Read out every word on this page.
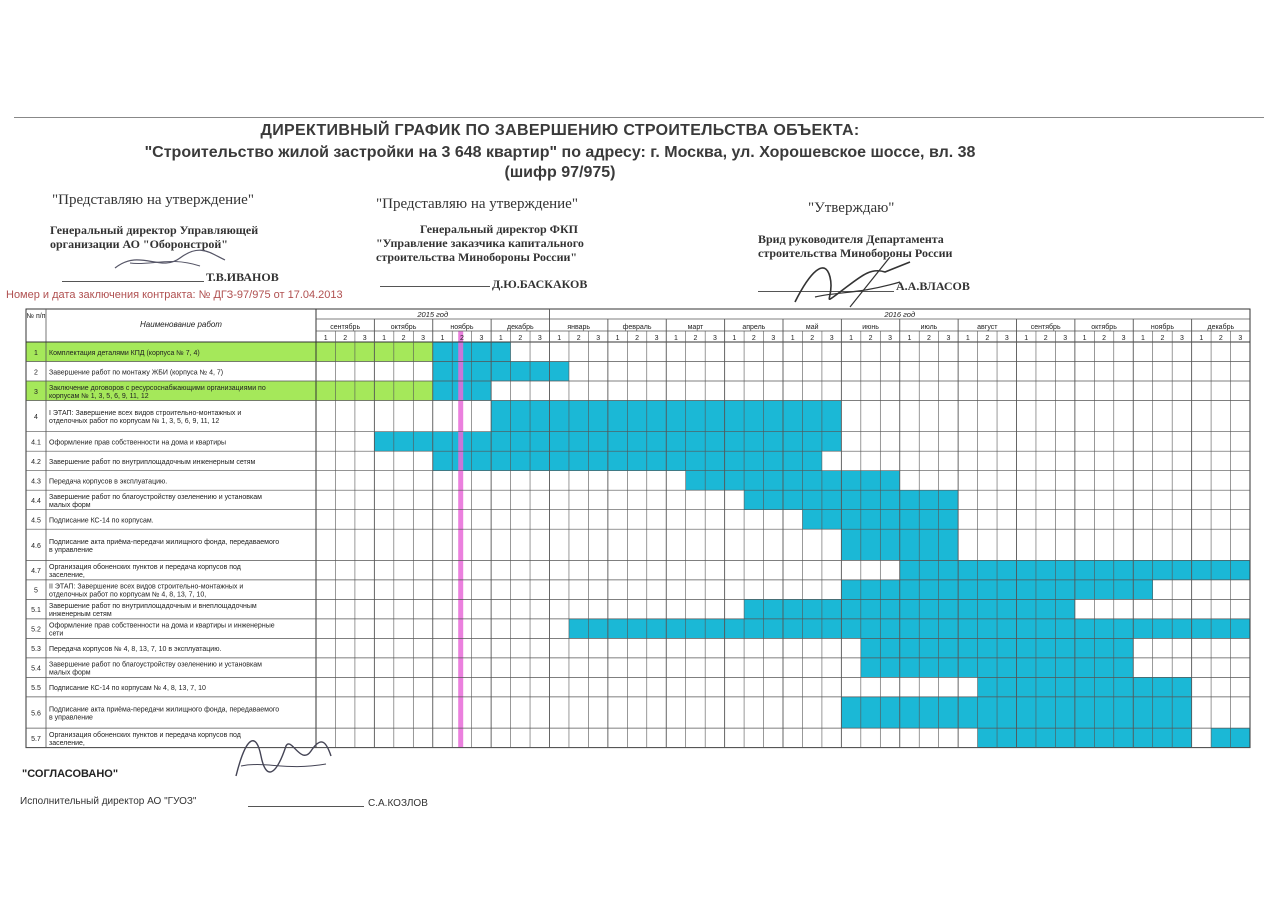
ДИРЕКТИВНЫЙ ГРАФИК ПО ЗАВЕРШЕНИЮ СТРОИТЕЛЬСТВА ОБЪЕКТА:
"Строительство жилой застройки на 3 648 квартир" по адресу: г. Москва, ул. Хорошевское шоссе, вл. 38
(шифр 97/975)
"Представляю на утверждение"
Генеральный директор Управляющей
организации АО "Оборонстрой"
Т.В.ИВАНОВ
"Представляю на утверждение"
Генеральный директор ФКП
"Управление заказчика капитального
строительства Минобороны России"
Д.Ю.БАСКАКОВ
"Утверждаю"
Врид руководителя Департамента
строительства Минобороны России
А.А.ВЛАСОВ
Номер и дата заключения контракта: № ДГЗ-97/975 от 17.04.2013
№ п/п
Наименование работ
2015 год	2016 год
сентябрь
1 2 3
октябрь
1 2 3
ноябрь
1 2 3
декабрь
1 2 3
январь
1 2 3
февраль
1 2 3
март
1 2 3
апрель
1 2 3
май
1 2 3
июнь
1 2 3
июль
1 2 3
август
1 2 3
сентябрь
1 2 3
октябрь
1 2 3
ноябрь
1 2 3
декабрь
1 2 3
1 Комплектация деталями КПД (корпуса № 7, 4)
2 Завершение работ по монтажу ЖБИ (корпуса № 4, 7)
3
Заключение договоров с ресурсоснабжающими организациями по
корпусам № 1, 3, 5, 6, 9, 11, 12
4
I ЭТАП: Завершение всех видов строительно-монтажных и
отделочных работ по корпусам № 1, 3, 5, 6, 9, 11, 12
4.1 Оформление прав собственности на дома и квартиры
4.2 Завершение работ по внутриплощадочным инженерным сетям
4.3 Передача корпусов в эксплуатацию.
4.4
Завершение работ по благоустройству озеленению и установкам
малых форм
4.5 Подписание КС-14 по корпусам.
4.6
Подписание акта приёма-передачи жилищного фонда, передаваемого
в управление
4.7
Организация обоненских пунктов и передача корпусов под
заселение,
5
II ЭТАП: Завершение всех видов строительно-монтажных и
отделочных работ по корпусам № 4, 8, 13, 7, 10,
5.1
Завершение работ по внутриплощадочным и внеплощадочным
инженерным сетям
5.2
Оформление прав собственности на дома и квартиры и инженерные
сети
5.3 Передача корпусов № 4, 8, 13, 7, 10 в эксплуатацию.
5.4
Завершение работ по благоустройству озеленению и установкам
малых форм
5.5 Подписание КС-14 по корпусам № 4, 8, 13, 7, 10
5.6
Подписание акта приёма-передачи жилищного фонда, передаваемого
в управление
5.7
Организация обоненских пунктов и передача корпусов под
заселение,
"СОГЛАСОВАНО"
Исполнительный директор АО "ГУОЗ"	С.А.КОЗЛОВ
